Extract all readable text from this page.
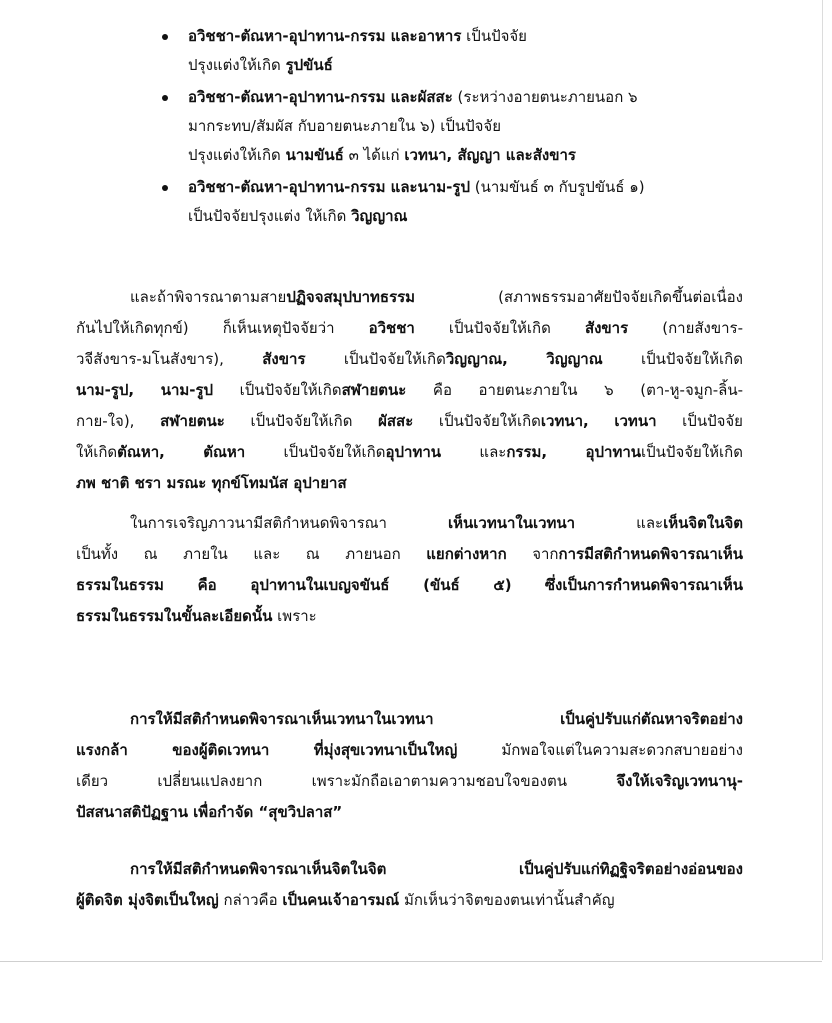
อวิชชา-ตัณหา-อุปาทาน-กรรม และอาหาร เป็นปัจจัย
ปรุงแต่งให้เกิด รูปขันธ์
อวิชชา-ตัณหา-อุปาทาน-กรรม และผัสสะ (ระหว่างอายตนะภายนอก ๖
มากระทบ/สัมผัส กับอายตนะภายใน ๖) เป็นปัจจัย
ปรุงแต่งให้เกิด นามขันธ์ ๓ ได้แก่ เวทนา, สัญญา และสังขาร
อวิชชา-ตัณหา-อุปาทาน-กรรม และนาม-รูป (นามขันธ์ ๓ กับรูปขันธ์ ๑)
เป็นปัจจัยปรุงแต่ง ให้เกิด วิญญาณ
และถ้าพิจารณาตามสายปฏิจจสมุปบาทธรรม (สภาพธรรมอาศัยปัจจัยเกิดขึ้นต่อเนื่อง
กันไปให้เกิดทุกข์) ก็เห็นเหตุปัจจัยว่า อวิชชา เป็นปัจจัยให้เกิด สังขาร (กายสังขาร-
วจีสังขาร-มโนสังขาร), สังขาร เป็นปัจจัยให้เกิดวิญญาณ,	วิญญาณ เป็นปัจจัยให้เกิด
นาม-รูป, นาม-รูป เป็นปัจจัยให้เกิดสฬายตนะ คือ อายตนะภายใน ๖ (ตา-หู-จมูก-ลิ้น-
กาย-ใจ), สฬายตนะ เป็นปัจจัยให้เกิด ผัสสะ เป็นปัจจัยให้เกิดเวทนา, เวทนา เป็นปัจจัย
ให้เกิดตัณหา,	ตัณหา เป็นปัจจัยให้เกิดอุปาทาน และกรรม,	อุปาทานเป็นปัจจัยให้เกิด
ภพ ชาติ ชรา มรณะ ทุกข์โทมนัส อุปายาส
ในการเจริญภาวนามีสติกำหนดพิจารณา เห็นเวทนาในเวทนา และเห็นจิตในจิต
เป็นทั้ง ณ ภายใน และ ณ ภายนอก แยกต่างหาก จากการมีสติกำหนดพิจารณาเห็น
ธรรมในธรรม คือ อุปาทานในเบญจขันธ์ (ขันธ์ ๕) ซึ่งเป็นการกำหนดพิจารณาเห็น
ธรรมในธรรมในขั้นละเอียดนั้น เพราะ
การให้มีสติกำหนดพิจารณาเห็นเวทนาในเวทนา	เป็นคู่ปรับแก่ตัณหาจริตอย่าง
แรงกล้า ของผู้ติดเวทนา ที่มุ่งสุขเวทนาเป็นใหญ่ มักพอใจแต่ในความสะดวกสบายอย่าง
เดียว เปลี่ยนแปลงยาก เพราะมักถือเอาตามความชอบใจของตน จึงให้เจริญเวทนานุ-
ปัสสนาสติปัฏฐาน เพื่อกำจัด “สุขวิปลาส”
การให้มีสติกำหนดพิจารณาเห็นจิตในจิต	เป็นคู่ปรับแก่ทิฏฐิจริตอย่างอ่อนของ
ผู้ติดจิต มุ่งจิตเป็นใหญ่ กล่าวคือ เป็นคนเจ้าอารมณ์ มักเห็นว่าจิตของตนเท่านั้นสำคัญ
